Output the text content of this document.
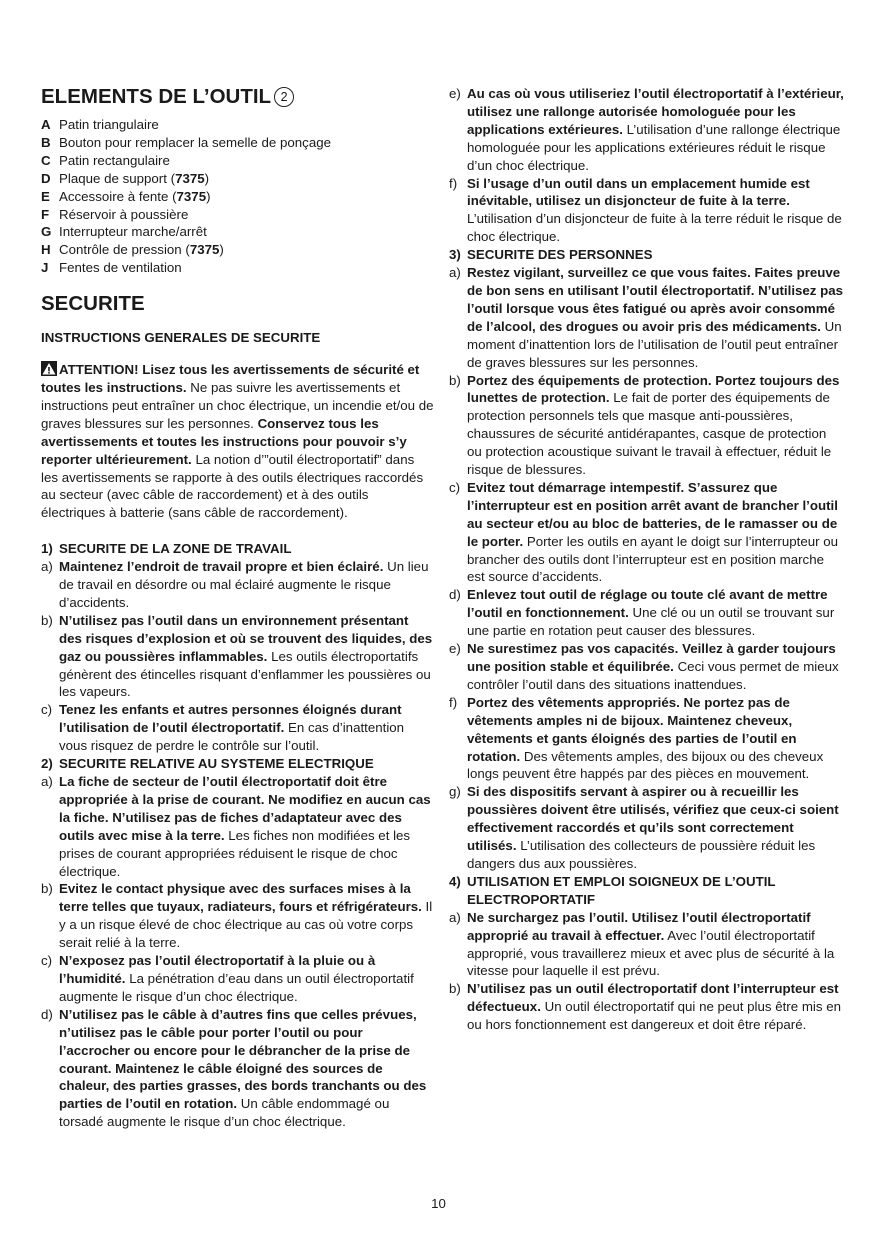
ELEMENTS DE L’OUTIL 2
A Patin triangulaire
B Bouton pour remplacer la semelle de ponçage
C Patin rectangulaire
D Plaque de support (7375)
E Accessoire à fente (7375)
F Réservoir à poussière
G Interrupteur marche/arrêt
H Contrôle de pression (7375)
J Fentes de ventilation
SECURITE
INSTRUCTIONS GENERALES DE SECURITE
ATTENTION! Lisez tous les avertissements de sécurité et toutes les instructions. Ne pas suivre les avertissements et instructions peut entraîner un choc électrique, un incendie et/ou de graves blessures sur les personnes. Conservez tous les avertissements et toutes les instructions pour pouvoir s’y reporter ultérieurement. La notion d’”outil électroportatif” dans les avertissements se rapporte à des outils électriques raccordés au secteur (avec câble de raccordement) et à des outils électriques à batterie (sans câble de raccordement).
1) SECURITE DE LA ZONE DE TRAVAIL
a) Maintenez l’endroit de travail propre et bien éclairé. Un lieu de travail en désordre ou mal éclairé augmente le risque d’accidents.
b) N’utilisez pas l’outil dans un environnement présentant des risques d’explosion et où se trouvent des liquides, des gaz ou poussières inflammables. Les outils électroportatifs génèrent des étincelles risquant d’enflammer les poussières ou les vapeurs.
c) Tenez les enfants et autres personnes éloignés durant l’utilisation de l’outil électroportatif. En cas d’inattention vous risquez de perdre le contrôle sur l’outil.
2) SECURITE RELATIVE AU SYSTEME ELECTRIQUE
a) La fiche de secteur de l’outil électroportatif doit être appropriée à la prise de courant. Ne modifiez en aucun cas la fiche. N’utilisez pas de fiches d’adaptateur avec des outils avec mise à la terre. Les fiches non modifiées et les prises de courant appropriées réduisent le risque de choc électrique.
b) Evitez le contact physique avec des surfaces mises à la terre telles que tuyaux, radiateurs, fours et réfrigérateurs. Il y a un risque élevé de choc électrique au cas où votre corps serait relié à la terre.
c) N’exposez pas l’outil électroportatif à la pluie ou à l’humidité. La pénétration d’eau dans un outil électroportatif augmente le risque d’un choc électrique.
d) N’utilisez pas le câble à d’autres fins que celles prévues, n’utilisez pas le câble pour porter l’outil ou pour l’accrocher ou encore pour le débrancher de la prise de courant. Maintenez le câble éloigné des sources de chaleur, des parties grasses, des bords tranchants ou des parties de l’outil en rotation. Un câble endommagé ou torsadé augmente le risque d’un choc électrique.
e) Au cas où vous utiliseriez l’outil électroportatif à l’extérieur, utilisez une rallonge autorisée homologuée pour les applications extérieures. L’utilisation d’une rallonge électrique homologuée pour les applications extérieures réduit le risque d’un choc électrique.
f) Si l’usage d’un outil dans un emplacement humide est inévitable, utilisez un disjoncteur de fuite à la terre. L’utilisation d’un disjoncteur de fuite à la terre réduit le risque de choc électrique.
3) SECURITE DES PERSONNES
a) Restez vigilant, surveillez ce que vous faites. Faites preuve de bon sens en utilisant l’outil électroportatif. N’utilisez pas l’outil lorsque vous êtes fatigué ou après avoir consommé de l’alcool, des drogues ou avoir pris des médicaments. Un moment d’inattention lors de l’utilisation de l’outil peut entraîner de graves blessures sur les personnes.
b) Portez des équipements de protection. Portez toujours des lunettes de protection. Le fait de porter des équipements de protection personnels tels que masque anti-poussières, chaussures de sécurité antidérapantes, casque de protection ou protection acoustique suivant le travail à effectuer, réduit le risque de blessures.
c) Evitez tout démarrage intempestif. S’assurez que l’interrupteur est en position arrêt avant de brancher l’outil au secteur et/ou au bloc de batteries, de le ramasser ou de le porter. Porter les outils en ayant le doigt sur l’interrupteur ou brancher des outils dont l’interrupteur est en position marche est source d’accidents.
d) Enlevez tout outil de réglage ou toute clé avant de mettre l’outil en fonctionnement. Une clé ou un outil se trouvant sur une partie en rotation peut causer des blessures.
e) Ne surestimez pas vos capacités. Veillez à garder toujours une position stable et équilibrée. Ceci vous permet de mieux contrôler l’outil dans des situations inattendues.
f) Portez des vêtements appropriés. Ne portez pas de vêtements amples ni de bijoux. Maintenez cheveux, vêtements et gants éloignés des parties de l’outil en rotation. Des vêtements amples, des bijoux ou des cheveux longs peuvent être happés par des pièces en mouvement.
g) Si des dispositifs servant à aspirer ou à recueillir les poussières doivent être utilisés, vérifiez que ceux-ci soient effectivement raccordés et qu’ils sont correctement utilisés. L’utilisation des collecteurs de poussière réduit les dangers dus aux poussières.
4) UTILISATION ET EMPLOI SOIGNEUX DE L’OUTIL ELECTROPORTATIF
a) Ne surchargez pas l’outil. Utilisez l’outil électroportatif approprié au travail à effectuer. Avec l’outil électroportatif approprié, vous travaillerez mieux et avec plus de sécurité à la vitesse pour laquelle il est prévu.
b) N’utilisez pas un outil électroportatif dont l’interrupteur est défectueux. Un outil électroportatif qui ne peut plus être mis en ou hors fonctionnement est dangereux et doit être réparé.
10
